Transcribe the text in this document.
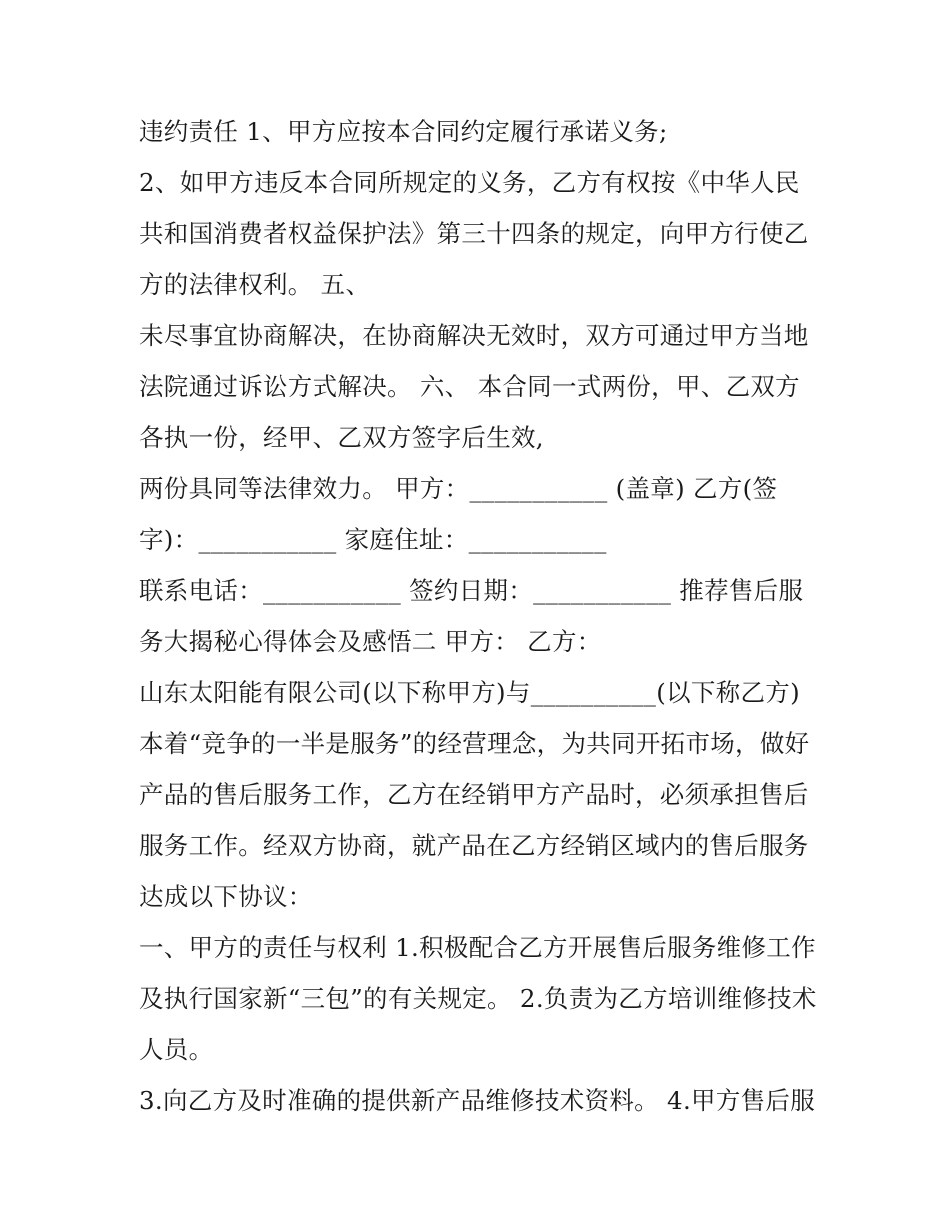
违约责任 1、甲方应按本合同约定履行承诺义务;
2、如甲方违反本合同所规定的义务，乙方有权按《中华人民
共和国消费者权益保护法》第三十四条的规定，向甲方行使乙
方的法律权利。 五、
未尽事宜协商解决，在协商解决无效时，双方可通过甲方当地
法院通过诉讼方式解决。 六、 本合同一式两份，甲、乙双方
各执一份，经甲、乙双方签字后生效,
两份具同等法律效力。 甲方：___________ (盖章) 乙方(签
字)：___________ 家庭住址：___________
联系电话：___________ 签约日期：___________ 推荐售后服
务大揭秘心得体会及感悟二 甲方： 乙方：
山东太阳能有限公司(以下称甲方)与__________(以下称乙方)
本着“竞争的一半是服务”的经营理念，为共同开拓市场，做好
产品的售后服务工作，乙方在经销甲方产品时，必须承担售后
服务工作。经双方协商，就产品在乙方经销区域内的售后服务
达成以下协议：
一、甲方的责任与权利 1.积极配合乙方开展售后服务维修工作
及执行国家新“三包”的有关规定。 2.负责为乙方培训维修技术
人员。
3.向乙方及时准确的提供新产品维修技术资料。 4.甲方售后服
